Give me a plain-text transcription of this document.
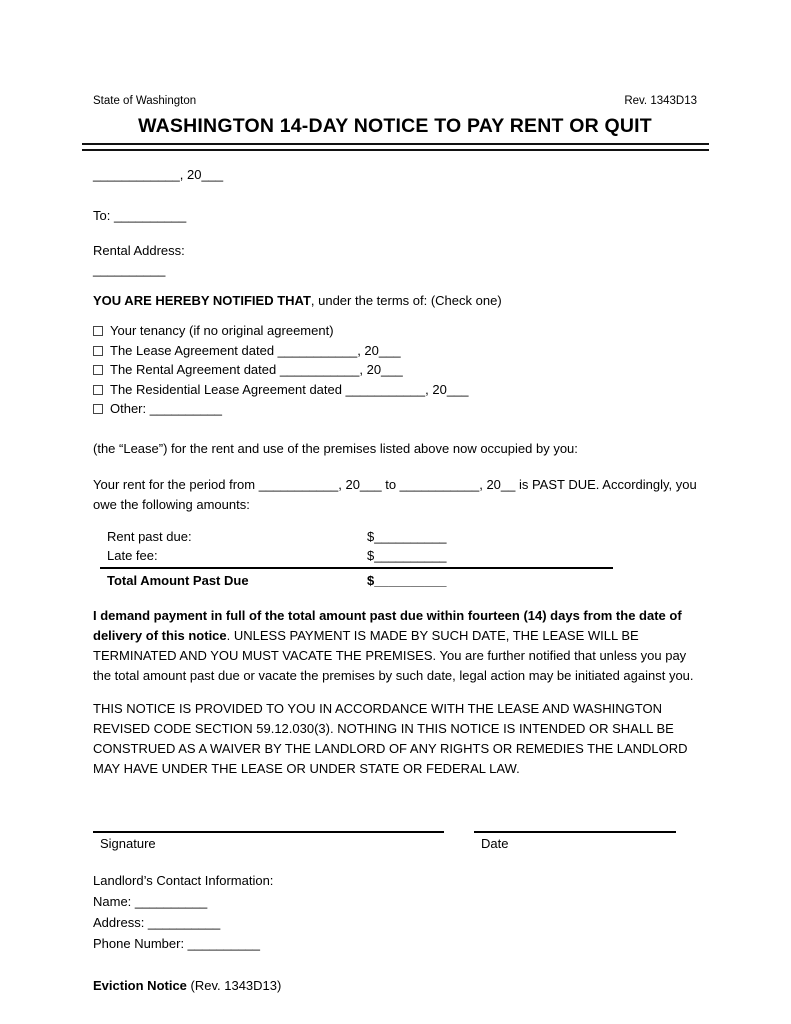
State of Washington	Rev. 1343D13
WASHINGTON 14-DAY NOTICE TO PAY RENT OR QUIT
____________, 20___
To: __________
Rental Address:
__________
YOU ARE HEREBY NOTIFIED THAT, under the terms of: (Check one)
Your tenancy (if no original agreement)
The Lease Agreement dated ___________, 20___
The Rental Agreement dated ___________, 20___
The Residential Lease Agreement dated ___________, 20___
Other: __________

(the “Lease”) for the rent and use of the premises listed above now occupied by you:

Your rent for the period from ___________, 20___ to ___________, 20__ is PAST DUE. Accordingly, you owe the following amounts:

Rent past due:	$__________
Late fee:	$__________
Total Amount Past Due	$__________

I demand payment in full of the total amount past due within fourteen (14) days from the date of delivery of this notice. UNLESS PAYMENT IS MADE BY SUCH DATE, THE LEASE WILL BE TERMINATED AND YOU MUST VACATE THE PREMISES. You are further notified that unless you pay the total amount past due or vacate the premises by such date, legal action may be initiated against you.

THIS NOTICE IS PROVIDED TO YOU IN ACCORDANCE WITH THE LEASE AND WASHINGTON REVISED CODE SECTION 59.12.030(3). NOTHING IN THIS NOTICE IS INTENDED OR SHALL BE CONSTRUED AS A WAIVER BY THE LANDLORD OF ANY RIGHTS OR REMEDIES THE LANDLORD MAY HAVE UNDER THE LEASE OR UNDER STATE OR FEDERAL LAW.

Signature	Date
Landlord’s Contact Information:
Name: __________
Address: __________
Phone Number: __________
Eviction Notice (Rev. 1343D13)
